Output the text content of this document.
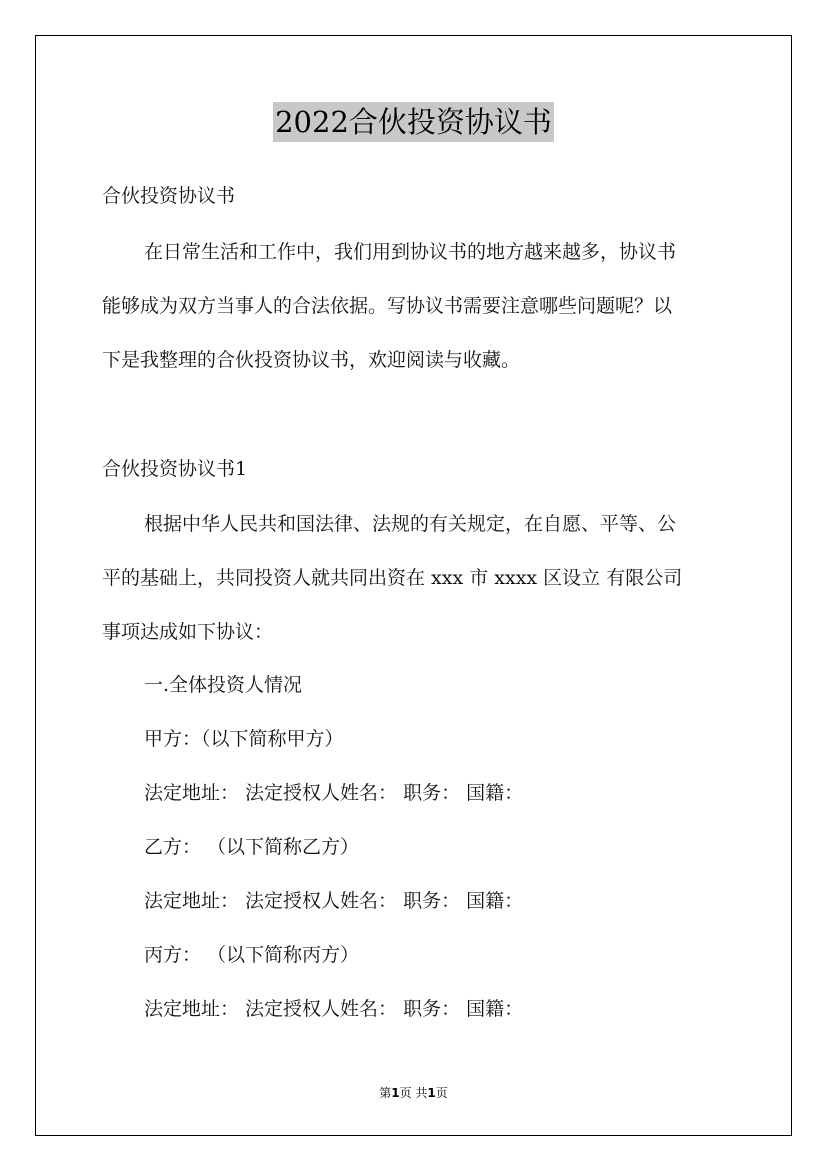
2022合伙投资协议书
合伙投资协议书
在日常生活和工作中，我们用到协议书的地方越来越多，协议书
能够成为双方当事人的合法依据。写协议书需要注意哪些问题呢？以
下是我整理的合伙投资协议书，欢迎阅读与收藏。
合伙投资协议书1
根据中华人民共和国法律、法规的有关规定，在自愿、平等、公
平的基础上，共同投资人就共同出资在 xxx 市 xxxx 区设立 有限公司
事项达成如下协议：
一.全体投资人情况
甲方：（以下简称甲方）
法定地址： 法定授权人姓名： 职务： 国籍：
乙方： （以下简称乙方）
法定地址： 法定授权人姓名： 职务： 国籍：
丙方： （以下简称丙方）
法定地址： 法定授权人姓名： 职务： 国籍：
第1页 共1页
